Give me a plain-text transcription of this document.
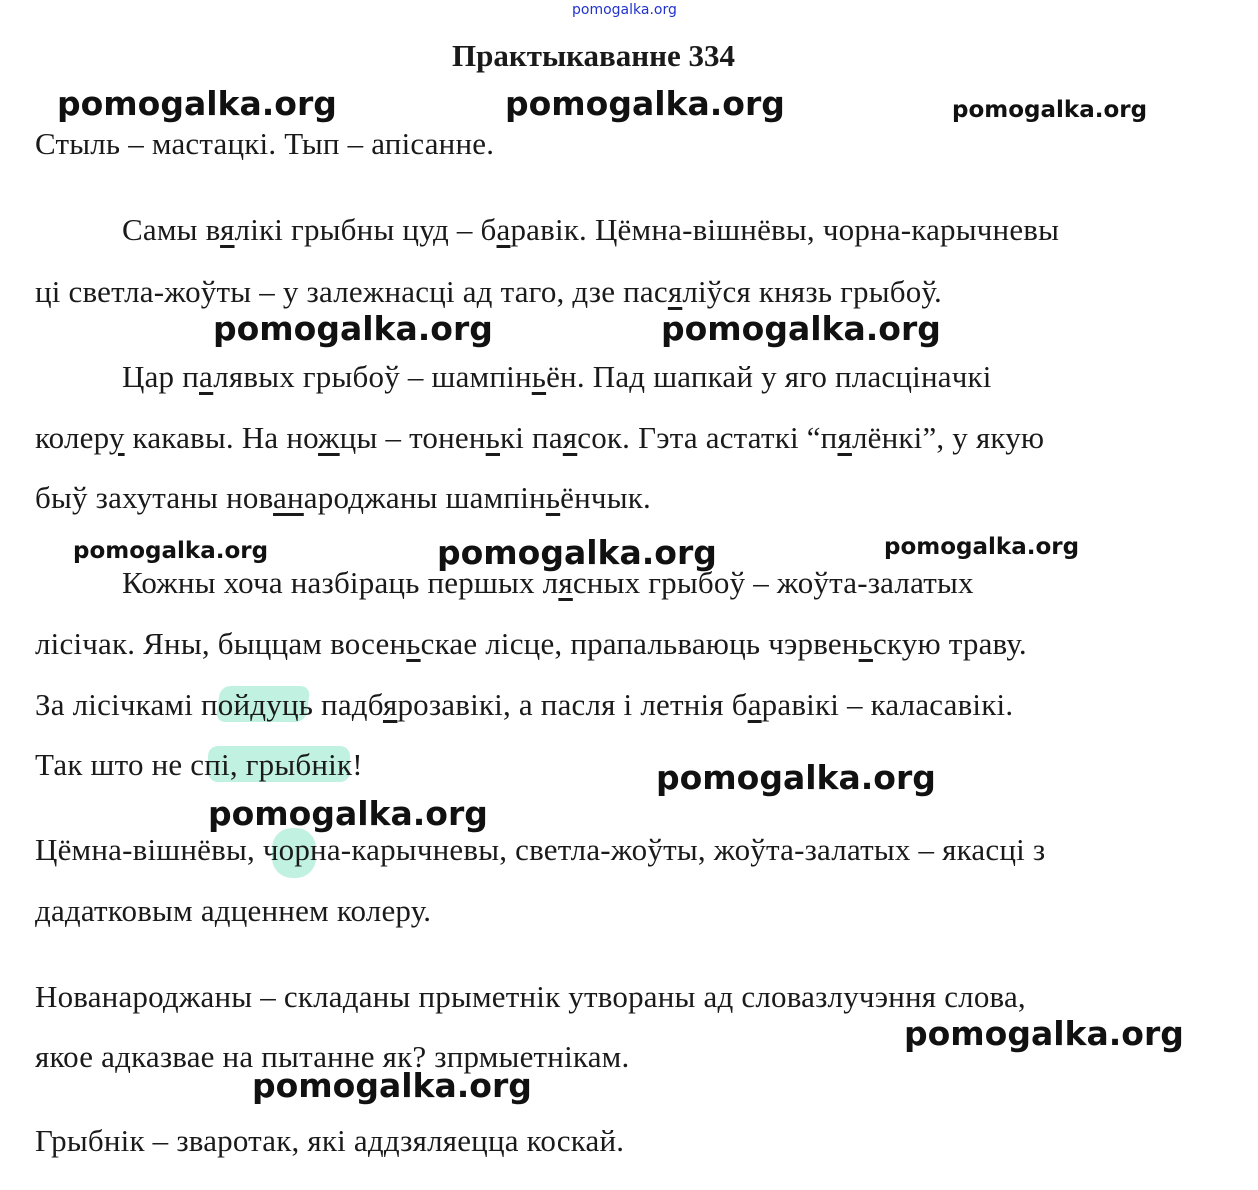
pomogalka.org
pomogalka.org	pomogalka.org	pomogalka.org
pomogalka.org	pomogalka.org
pomogalka.org	pomogalka.org	pomogalka.org
pomogalka.org
pomogalka.org
pomogalka.org
pomogalka.org
Практыкаванне 334
Стыль – мастацкі. Тып – апісанне.
Самы вялікі грыбны цуд – баравік. Цёмна-вішнёвы, чорна-карычневы
ці светла-жоўты – у залежнасці ад таго, дзе пасяліўся князь грыбоў.
Цар палявых грыбоў – шампіньён. Пад шапкай у яго пласцінaчкі
колеру какавы. На ножцы – тоненькі паясок. Гэта астаткі “пялёнкі”, у якую
быў захутаны нованароджаны шампіньёнчык.
Кожны хоча назбіраць першых лясных грыбоў – жоўта-залатых
лісічак. Яны, быццам восеньскае лісце, прапальваюць чэрвеньскую траву.
За лісічкамі пойдуць падбярозавікі, а пасля і летнія баравікі – каласавікі.
Так што не спі, грыбнік!
Цёмна-вішнёвы, чорна-карычневы, светла-жоўты, жоўта-залатых – якасці з
дадатковым адценнем колеру.
Нованароджаны – складаны прыметнік утвораны ад словазлучэння слова,
якое адказвае на пытанне як? зпрмыетнікам.
Грыбнік – зваротак, які аддзяляецца коскай.
